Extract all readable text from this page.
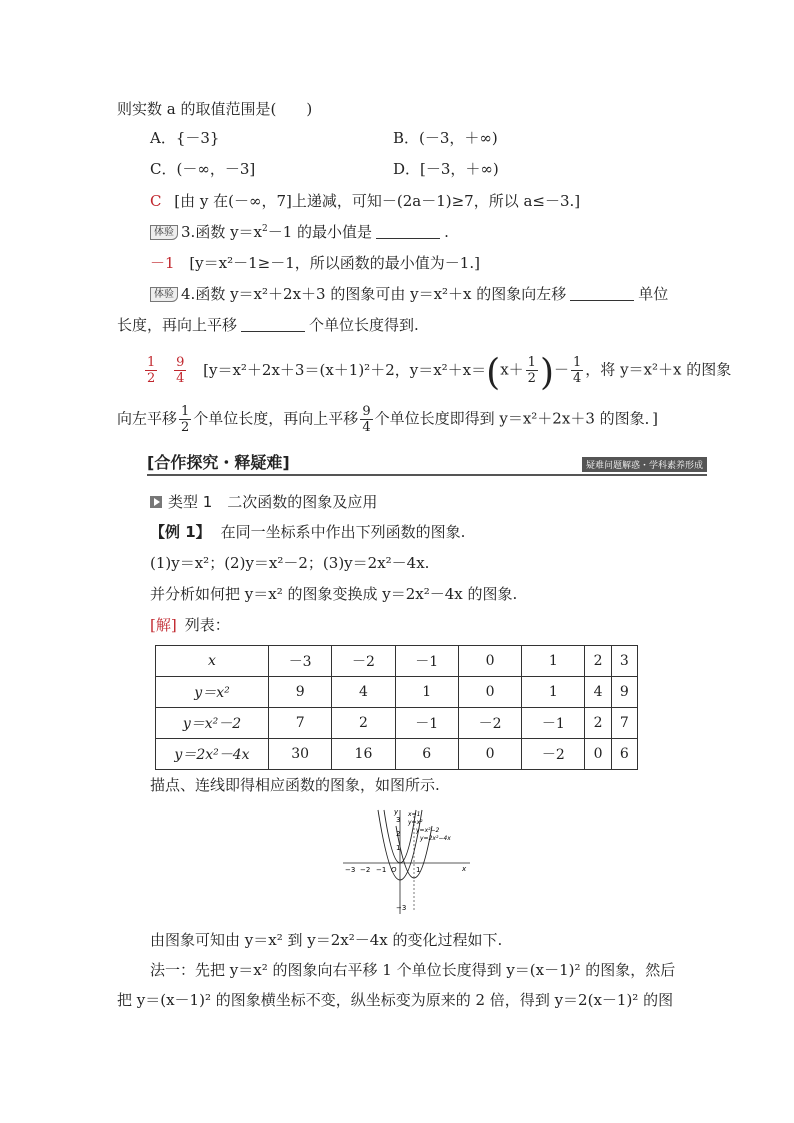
则实数 a 的取值范围是(　　)
A．{－3}	B．(－3，＋∞)
C．(－∞，－3]	D．[－3，＋∞)
C [由 y 在(－∞，7]上递减，可知－(2a－1)≥7，所以 a≤－3.]
体验 3.函数 $y=x^2-1$ 的最小值是	.
－1 [y＝x²－1≥－1，所以函数的最小值为－1.]
体验 4.函数 y＝x²＋2x＋3 的图象可由 y＝x²＋x 的图象向左移	单位
长度，再向上平移	个单位长度得到.
$\frac{1}{2}$
$\frac{9}{4} [y=x^2+2x+3=(x+1)^2+2$，$y=x^2+x=(x+ \frac{1}{2}$ )－ $\frac{1}{4}$ ，将 y＝x²＋x 的图象
向左平移 $\frac{1}{2}$ 个单位长度，再向上平移 $\frac{9}{4}$ 个单位长度即得到 y＝x²＋2x＋3 的图象．]
[合作探究・释疑难]	疑难问题解惑・学科素养形成
类型 1　二次函数的图象及应用
【例 1】 在同一坐标系中作出下列函数的图象.
(1)y＝x²；(2)y＝x²－2；(3)y＝2x²－4x.
并分析如何把 y＝x² 的图象变换成 y＝2x²－4x 的图象.
[解] 列表：
x	－3	－2	－1	0	1	2	3
y＝x²	9	4	1	0	1	4	9
y＝x²－2	7	2	－1	－2	－1	2	7
y＝2x²－4x	30	16	6	0	－2	0	6
描点、连线即得相应函数的图象，如图所示.
y
x
3
2
1
−3 −2 −1 O	1
−3
x=1
y=x²
y=x²−2
y=2x²−4x
由图象可知由 y＝x² 到 y＝2x²－4x 的变化过程如下.
法一：先把 y＝x² 的图象向右平移 1 个单位长度得到 y＝(x－1)² 的图象，然后
把 y＝(x－1)² 的图象横坐标不变，纵坐标变为原来的 2 倍，得到 y＝2(x－1)² 的图
